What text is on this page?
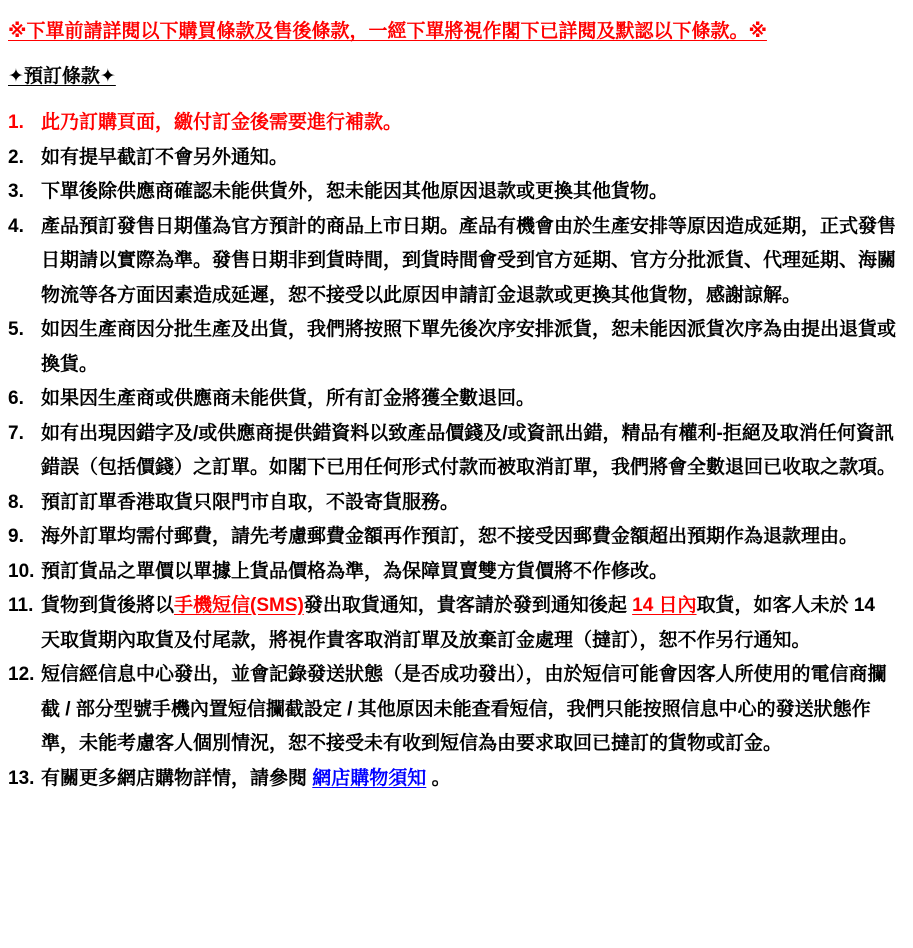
※下單前請詳閱以下購買條款及售後條款，一經下單將視作閣下已詳閱及默認以下條款。※
✦預訂條款✦
1. 此乃訂購頁面，繳付訂金後需要進行補款。
2. 如有提早截訂不會另外通知。
3. 下單後除供應商確認未能供貨外，恕未能因其他原因退款或更換其他貨物。
4. 產品預訂發售日期僅為官方預計的商品上市日期。產品有機會由於生產安排等原因造成延期，正式發售日期請以實際為準。發售日期非到貨時間，到貨時間會受到官方延期、官方分批派貨、代理延期、海關物流等各方面因素造成延遲，恕不接受以此原因申請訂金退款或更換其他貨物，感謝諒解。
5. 如因生產商因分批生產及出貨，我們將按照下單先後次序安排派貨，恕未能因派貨次序為由提出退貨或換貨。
6. 如果因生產商或供應商未能供貨，所有訂金將獲全數退回。
7. 如有出現因錯字及/或供應商提供錯資料以致產品價錢及/或資訊出錯，精品有權利-拒絕及取消任何資訊錯誤（包括價錢）之訂單。如閣下已用任何形式付款而被取消訂單，我們將會全數退回已收取之款項。
8. 預訂訂單香港取貨只限門市自取，不設寄貨服務。
9. 海外訂單均需付郵費，請先考慮郵費金額再作預訂，恕不接受因郵費金額超出預期作為退款理由。
10. 預訂貨品之單價以單據上貨品價格為準，為保障買賣雙方貨價將不作修改。
11. 貨物到貨後將以手機短信(SMS)發出取貨通知，貴客請於發到通知後起 14 日內取貨，如客人未於 14 天取貨期內取貨及付尾款，將視作貴客取消訂單及放棄訂金處理（撻訂），恕不作另行通知。
12. 短信經信息中心發出，並會記錄發送狀態（是否成功發出），由於短信可能會因客人所使用的電信商攔截 / 部分型號手機內置短信攔截設定 / 其他原因未能查看短信，我們只能按照信息中心的發送狀態作準，未能考慮客人個別情況，恕不接受未有收到短信為由要求取回已撻訂的貨物或訂金。
13. 有關更多網店購物詳情，請參閱 網店購物須知 。
